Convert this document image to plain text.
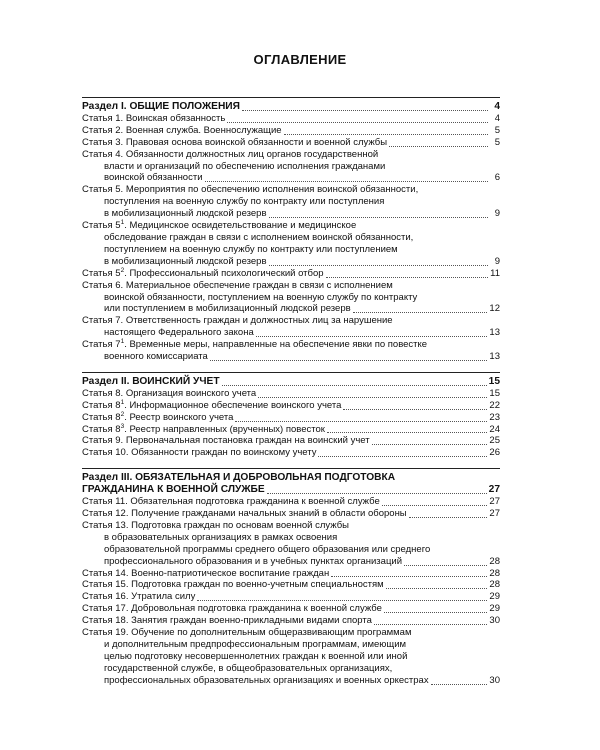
ОГЛАВЛЕНИЕ
Раздел I. ОБЩИЕ ПОЛОЖЕНИЯ	4
Статья 1. Воинская обязанность	4
Статья 2. Военная служба. Военнослужащие	5
Статья 3. Правовая основа воинской обязанности и военной службы	5
Статья 4. Обязанности должностных лиц органов государственной
власти и организаций по обеспечению исполнения гражданами
воинской обязанности	6
Статья 5. Мероприятия по обеспечению исполнения воинской обязанности,
поступления на военную службу по контракту или поступления
в мобилизационный людской резерв	9
Статья $5^1$. Медицинское освидетельствование и медицинское
обследование граждан в связи с исполнением воинской обязанности,
поступлением на военную службу по контракту или поступлением
в мобилизационный людской резерв	9
Статья $5^2$. Профессиональный психологический отбор	11
Статья 6. Материальное обеспечение граждан в связи с исполнением
воинской обязанности, поступлением на военную службу по контракту
или поступлением в мобилизационный людской резерв	12
Статья 7. Ответственность граждан и должностных лиц за нарушение
настоящего Федерального закона	13
Статья $7^1$. Временные меры, направленные на обеспечение явки по повестке
военного комиссариата	13
Раздел II. ВОИНСКИЙ УЧЕТ	15
Статья 8. Организация воинского учета	15
Статья $8^1$. Информационное обеспечение воинского учета	22
Статья $8^2$. Реестр воинского учета	23
Статья $8^3$. Реестр направленных (врученных) повесток	24
Статья 9. Первоначальная постановка граждан на воинский учет	25
Статья 10. Обязанности граждан по воинскому учету	26
Раздел III. ОБЯЗАТЕЛЬНАЯ И ДОБРОВОЛЬНАЯ ПОДГОТОВКА
ГРАЖДАНИНА К ВОЕННОЙ СЛУЖБЕ	27
Статья 11. Обязательная подготовка гражданина к военной службе	27
Статья 12. Получение гражданами начальных знаний в области обороны	27
Статья 13. Подготовка граждан по основам военной службы
в образовательных организациях в рамках освоения
образовательной программы среднего общего образования или среднего
профессионального образования и в учебных пунктах организаций	28
Статья 14. Военно-патриотическое воспитание граждан	28
Статья 15. Подготовка граждан по военно-учетным специальностям	28
Статья 16. Утратила силу	29
Статья 17. Добровольная подготовка гражданина к военной службе	29
Статья 18. Занятия граждан военно-прикладными видами спорта	30
Статья 19. Обучение по дополнительным общеразвивающим программам
и дополнительным предпрофессиональным программам, имеющим
целью подготовку несовершеннолетних граждан к военной или иной
государственной службе, в общеобразовательных организациях,
профессиональных образовательных организациях и военных оркестрах	30
